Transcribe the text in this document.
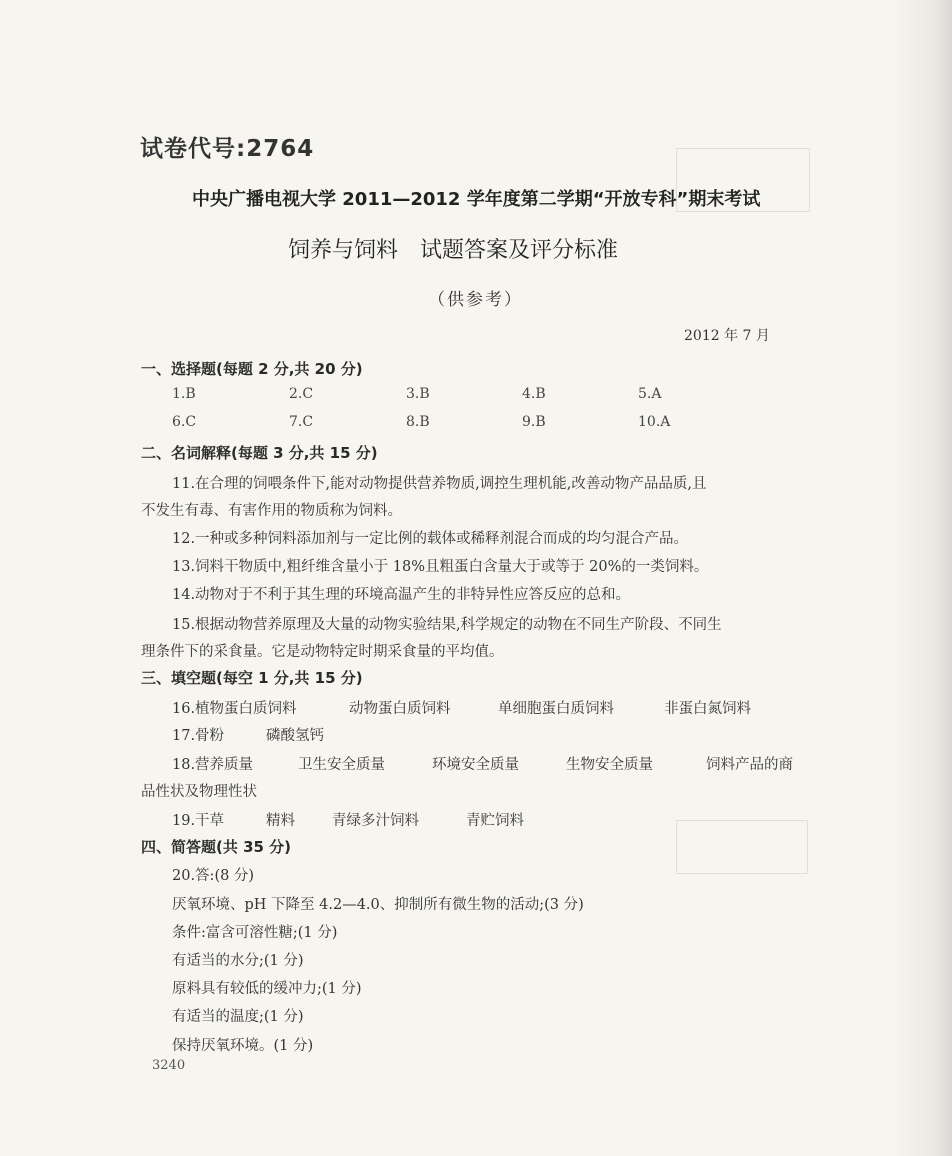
试卷代号:2764
中央广播电视大学 2011—2012 学年度第二学期“开放专科”期末考试
饲养与饲料 试题答案及评分标准
（供参考）
2012 年 7 月
一、选择题(每题 2 分,共 20 分)
1.B	2.C	3.B	4.B	5.A
6.C	7.C	8.B	9.B	10.A
二、名词解释(每题 3 分,共 15 分)
11.在合理的饲喂条件下,能对动物提供营养物质,调控生理机能,改善动物产品品质,且
不发生有毒、有害作用的物质称为饲料。
12.一种或多种饲料添加剂与一定比例的载体或稀释剂混合而成的均匀混合产品。
13.饲料干物质中,粗纤维含量小于 18%且粗蛋白含量大于或等于 20%的一类饲料。
14.动物对于不利于其生理的环境高温产生的非特异性应答反应的总和。
15.根据动物营养原理及大量的动物实验结果,科学规定的动物在不同生产阶段、不同生
理条件下的采食量。它是动物特定时期采食量的平均值。
三、填空题(每空 1 分,共 15 分)
16.植物蛋白质饲料	动物蛋白质饲料	单细胞蛋白质饲料	非蛋白氮饲料
17.骨粉	磷酸氢钙
18.营养质量	卫生安全质量	环境安全质量	生物安全质量	饲料产品的商
品性状及物理性状
19.干草	精料	青绿多汁饲料	青贮饲料
四、简答题(共 35 分)
20.答:(8 分)
厌氧环境、pH 下降至 4.2—4.0、抑制所有微生物的活动;(3 分)
条件:富含可溶性糖;(1 分)
有适当的水分;(1 分)
原料具有较低的缓冲力;(1 分)
有适当的温度;(1 分)
保持厌氧环境。(1 分)
3240
